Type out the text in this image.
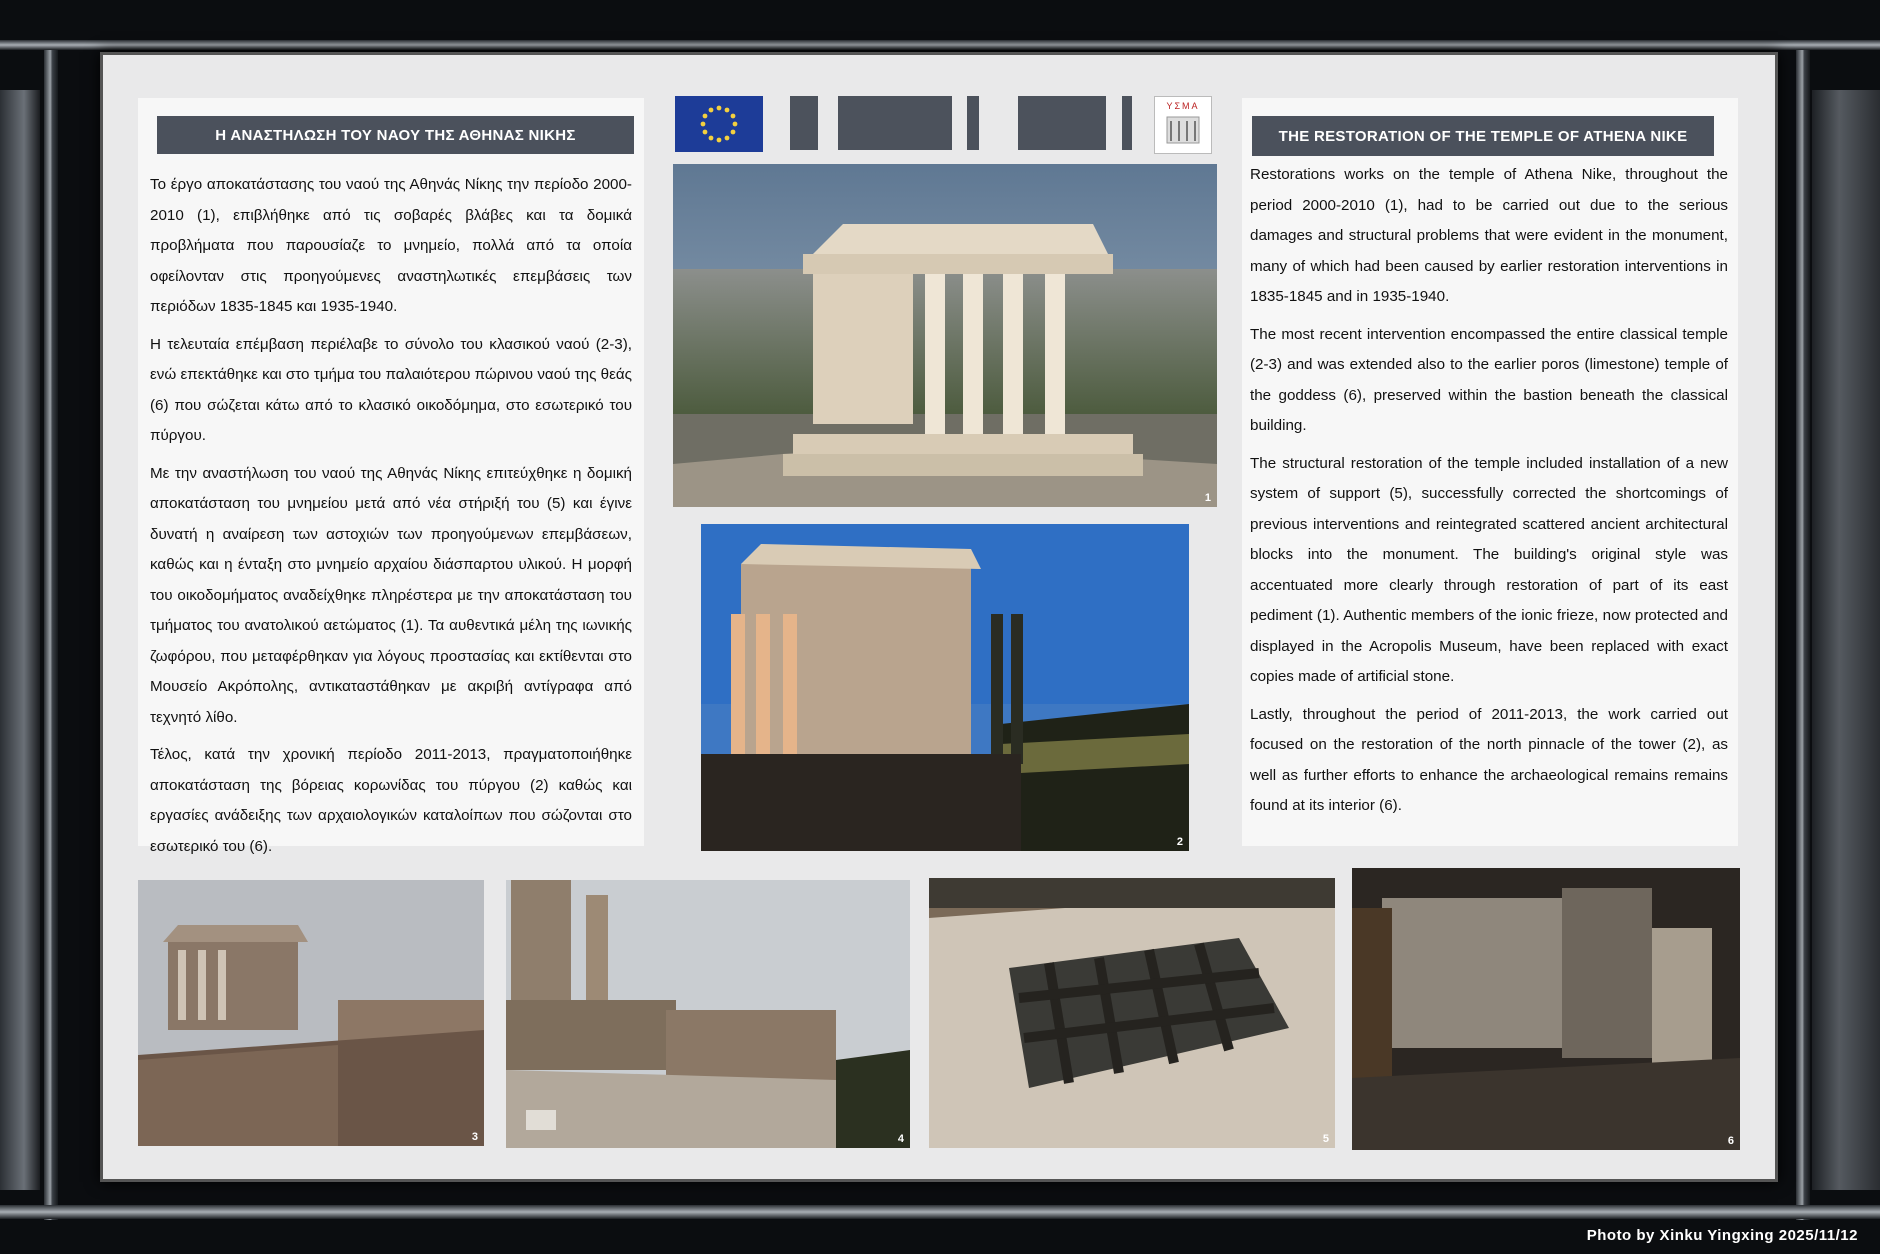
Η ΑΝΑΣΤΗΛΩΣΗ ΤΟΥ ΝΑΟΥ ΤΗΣ ΑΘΗΝΑΣ ΝΙΚΗΣ

Το έργο αποκατάστασης του ναού της Αθηνάς Νίκης την περίοδο 2000-2010 (1), επιβλήθηκε από τις σοβαρές βλάβες και τα δομικά προβλήματα που παρουσίαζε το μνημείο, πολλά από τα οποία οφείλονταν στις προηγούμενες αναστηλωτικές επεμβάσεις των περιόδων 1835-1845 και 1935-1940.

Η τελευταία επέμβαση περιέλαβε το σύνολο του κλασικού ναού (2-3), ενώ επεκτάθηκε και στο τμήμα του παλαιότερου πώρινου ναού της θεάς (6) που σώζεται κάτω από το κλασικό οικοδόμημα, στο εσωτερικό του πύργου.

Με την αναστήλωση του ναού της Αθηνάς Νίκης επιτεύχθηκε η δομική αποκατάσταση του μνημείου μετά από νέα στήριξή του (5) και έγινε δυνατή η αναίρεση των αστοχιών των προηγούμενων επεμβάσεων, καθώς και η ένταξη στο μνημείο αρχαίου διάσπαρτου υλικού. Η μορφή του οικοδομήματος αναδείχθηκε πληρέστερα με την αποκατάσταση του τμήματος του ανατολικού αετώματος (1). Τα αυθεντικά μέλη της ιωνικής ζωφόρου, που μεταφέρθηκαν για λόγους προστασίας και εκτίθενται στο Μουσείο Ακρόπολης, αντικαταστάθηκαν με ακριβή αντίγραφα από τεχνητό λίθο.

Τέλος, κατά την χρονική περίοδο 2011-2013, πραγματοποιήθηκε αποκατάσταση της βόρειας κορωνίδας του πύργου (2) καθώς και εργασίες ανάδειξης των αρχαιολογικών καταλοίπων που σώζονται στο εσωτερικό του (6).

ΥΣΜΑ
THE RESTORATION OF THE TEMPLE OF ATHENA NIKE

Restorations works on the temple of Athena Nike, throughout the period 2000-2010 (1), had to be carried out due to the serious damages and structural problems that were evident in the monument, many of which had been caused by earlier restoration interventions in 1835-1845 and in 1935-1940.

The most recent intervention encompassed the entire classical temple (2-3) and was extended also to the earlier poros (limestone) temple of the goddess (6), preserved within the bastion beneath the classical building.

The structural restoration of the temple included installation of a new system of support (5), successfully corrected the shortcomings of previous interventions and reintegrated scattered ancient architectural blocks into the monument. The building's original style was accentuated more clearly through restoration of part of its east pediment (1). Authentic members of the ionic frieze, now protected and displayed in the Acropolis Museum, have been replaced with exact copies made of artificial stone.

Lastly, throughout the period of 2011-2013, the work carried out focused on the restoration of the north pinnacle of the tower (2), as well as further efforts to enhance the archaeological remains remains found at its interior (6).

1
2
3	4	5	6
Photo by Xinku Yingxing 2025/11/12
